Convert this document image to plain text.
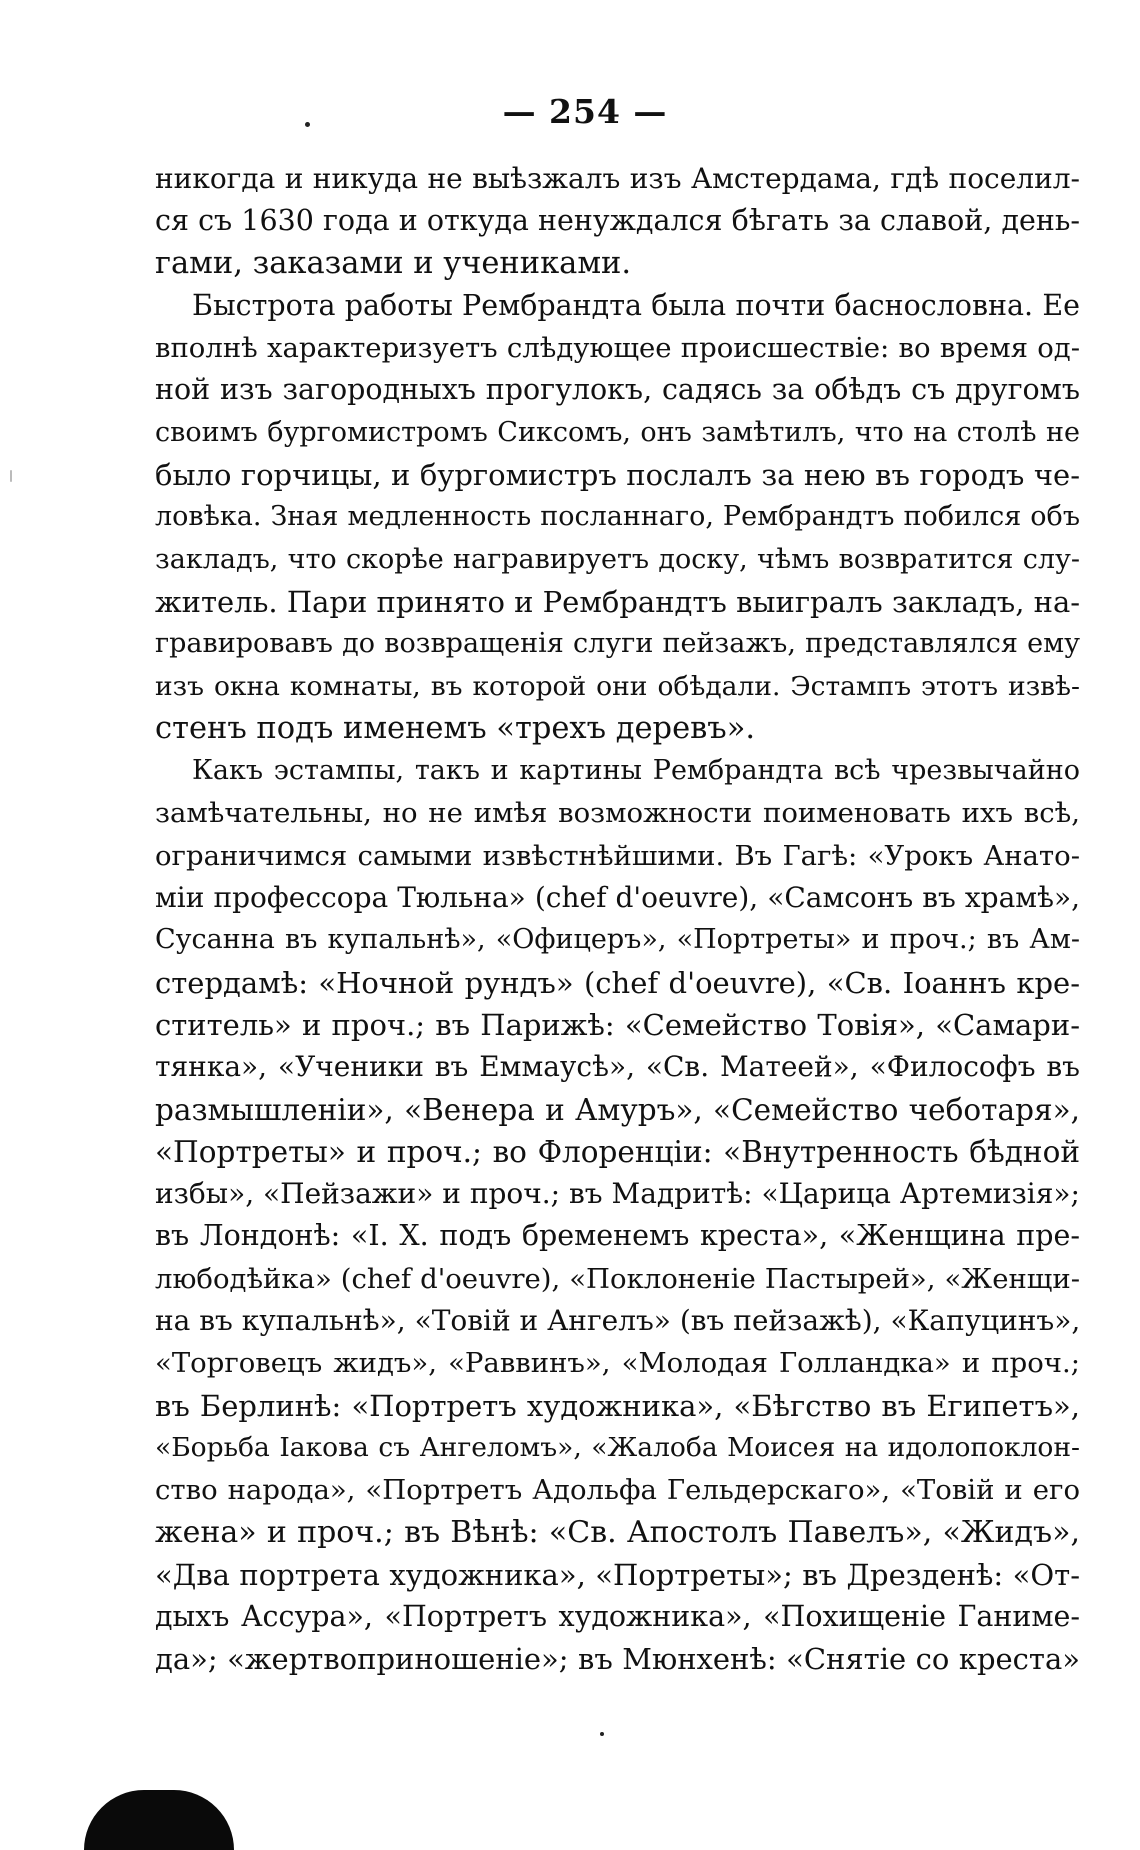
— 254 —
никогда и никуда не выѣзжалъ изъ Амстердама, гдѣ поселил-
ся съ 1630 года и откуда ненуждался бѣгать за славой, день-
гами, заказами и учениками.
Быстрота работы Рембрандта была почти баснословна. Ее
вполнѣ характеризуетъ слѣдующее происшествіе: во время од-
ной изъ загородныхъ прогулокъ, садясь за обѣдъ съ другомъ
своимъ бургомистромъ Сиксомъ, онъ замѣтилъ, что на столѣ не
было горчицы, и бургомистръ послалъ за нею въ городъ че-
ловѣка. Зная медленность посланнаго, Рембрандтъ побился объ
закладъ, что скорѣе награвируетъ доску, чѣмъ возвратится слу-
житель. Пари принято и Рембрандтъ выигралъ закладъ, на-
гравировавъ до возвращенія слуги пейзажъ, представлялся ему
изъ окна комнаты, въ которой они обѣдали. Эстампъ этотъ извѣ-
стенъ подъ именемъ «трехъ деревъ».
Какъ эстампы, такъ и картины Рембрандта всѣ чрезвычайно
замѣчательны, но не имѣя возможности поименовать ихъ всѣ,
ограничимся самыми извѣстнѣйшими. Въ Гагѣ: «Урокъ Анато-
міи профессора Тюльна» (chef d'oeuvre), «Самсонъ въ храмѣ»,
Сусанна въ купальнѣ», «Офицеръ», «Портреты» и проч.; въ Ам-
стердамѣ: «Ночной рундъ» (chef d'oeuvre), «Св. Іоаннъ кре-
ститель» и проч.; въ Парижѣ: «Семейство Товія», «Самари-
тянка», «Ученики въ Еммаусѣ», «Св. Матеей», «Философъ въ
размышленіи», «Венера и Амуръ», «Семейство чеботаря»,
«Портреты» и проч.; во Флоренціи: «Внутренность бѣдной
избы», «Пейзажи» и проч.; въ Мадритѣ: «Царица Артемизія»;
въ Лондонѣ: «І. Х. подъ бременемъ креста», «Женщина пре-
любодѣйка» (chef d'oeuvre), «Поклоненіе Пастырей», «Женщи-
на въ купальнѣ», «Товій и Ангелъ» (въ пейзажѣ), «Капуцинъ»,
«Торговецъ жидъ», «Раввинъ», «Молодая Голландка» и проч.;
въ Берлинѣ: «Портретъ художника», «Бѣгство въ Египетъ»,
«Борьба Іакова съ Ангеломъ», «Жалоба Моисея на идолопоклон-
ство народа», «Портретъ Адольфа Гельдерскаго», «Товій и его
жена» и проч.; въ Вѣнѣ: «Св. Апостолъ Павелъ», «Жидъ»,
«Два портрета художника», «Портреты»; въ Дрезденѣ: «От-
дыхъ Ассура», «Портретъ художника», «Похищеніе Ганиме-
да»; «жертвоприношеніе»; въ Мюнхенѣ: «Снятіе со креста»
